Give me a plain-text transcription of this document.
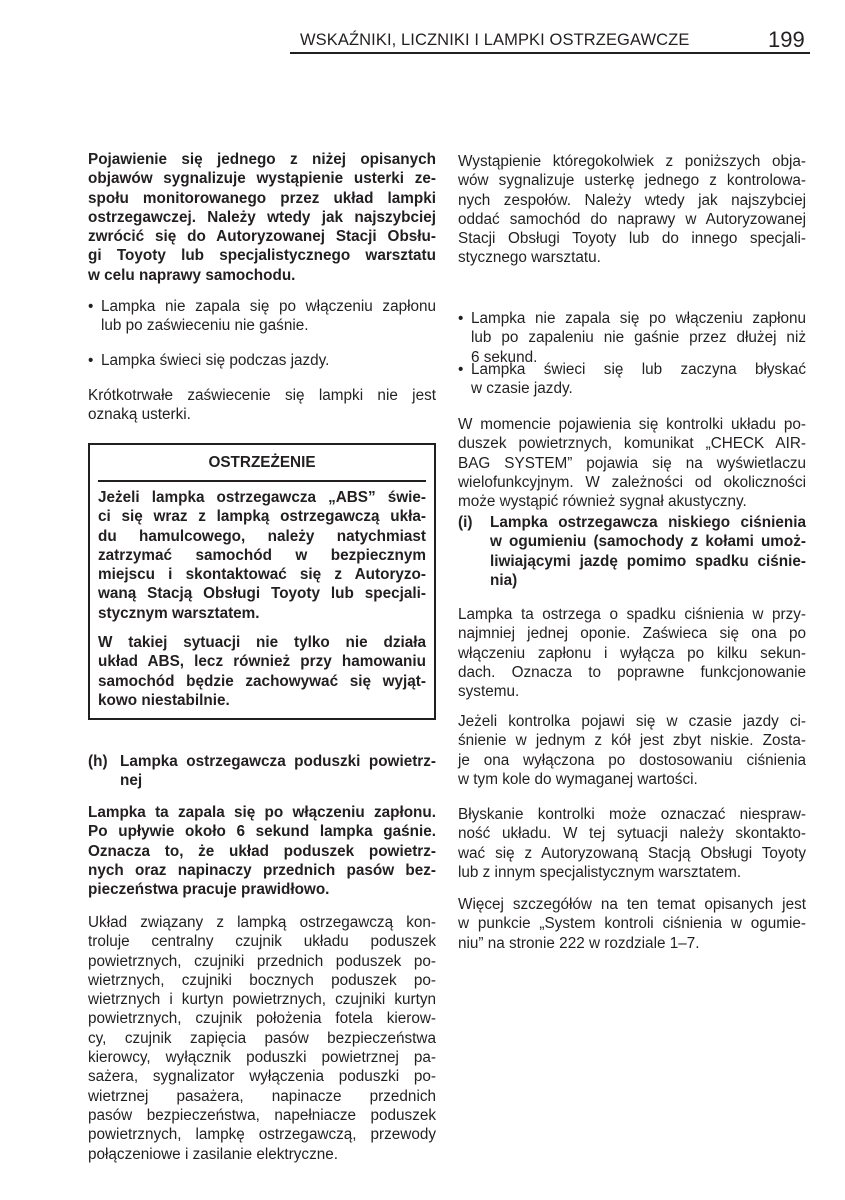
WSKAŹNIKI, LICZNIKI I LAMPKI OSTRZEGAWCZE	199
OSTRZEŻENIE
Pojawienie się jednego z niżej opisanych
objawów sygnalizuje wystąpienie usterki ze-
społu monitorowanego przez układ lampki
ostrzegawczej. Należy wtedy jak najszybciej
zwrócić się do Autoryzowanej Stacji Obsłu-
gi Toyoty lub specjalistycznego warsztatu
w celu naprawy samochodu.
• Lampka nie zapala się po włączeniu zapłonu
lub po zaświeceniu nie gaśnie.
• Lampka świeci się podczas jazdy.
Krótkotrwałe zaświecenie się lampki nie jest
oznaką usterki.
Jeżeli lampka ostrzegawcza „ABS” świe-
ci się wraz z lampką ostrzegawczą ukła-
du hamulcowego, należy natychmiast
zatrzymać samochód w bezpiecznym
miejscu i skontaktować się z Autoryzo-
waną Stacją Obsługi Toyoty lub specjali-
stycznym warsztatem.
W takiej sytuacji nie tylko nie działa
układ ABS, lecz również przy hamowaniu
samochód będzie zachowywać się wyjąt-
kowo niestabilnie.
(h) Lampka ostrzegawcza poduszki powietrz-
nej
Lampka ta zapala się po włączeniu zapłonu.
Po upływie około 6 sekund lampka gaśnie.
Oznacza to, że układ poduszek powietrz-
nych oraz napinaczy przednich pasów bez-
pieczeństwa pracuje prawidłowo.
Układ związany z lampką ostrzegawczą kon-
troluje centralny czujnik układu poduszek
powietrznych, czujniki przednich poduszek po-
wietrznych, czujniki bocznych poduszek po-
wietrznych i kurtyn powietrznych, czujniki kurtyn
powietrznych, czujnik położenia fotela kierow-
cy, czujnik zapięcia pasów bezpieczeństwa
kierowcy, wyłącznik poduszki powietrznej pa-
sażera, sygnalizator wyłączenia poduszki po-
wietrznej pasażera, napinacze przednich
pasów bezpieczeństwa, napełniacze poduszek
powietrznych, lampkę ostrzegawczą, przewody
połączeniowe i zasilanie elektryczne.
Wystąpienie któregokolwiek z poniższych obja-
wów sygnalizuje usterkę jednego z kontrolowa-
nych zespołów. Należy wtedy jak najszybciej
oddać samochód do naprawy w Autoryzowanej
Stacji Obsługi Toyoty lub do innego specjali-
stycznego warsztatu.
• Lampka nie zapala się po włączeniu zapłonu
lub po zapaleniu nie gaśnie przez dłużej niż
6 sekund.
• Lampka świeci się lub zaczyna błyskać
w czasie jazdy.
W momencie pojawienia się kontrolki układu po-
duszek powietrznych, komunikat „CHECK AIR-
BAG SYSTEM” pojawia się na wyświetlaczu
wielofunkcyjnym. W zależności od okoliczności
może wystąpić również sygnał akustyczny.
(i) Lampka ostrzegawcza niskiego ciśnienia
w ogumieniu (samochody z kołami umoż-
liwiającymi jazdę pomimo spadku ciśnie-
nia)
Lampka ta ostrzega o spadku ciśnienia w przy-
najmniej jednej oponie. Zaświeca się ona po
włączeniu zapłonu i wyłącza po kilku sekun-
dach. Oznacza to poprawne funkcjonowanie
systemu.
Jeżeli kontrolka pojawi się w czasie jazdy ci-
śnienie w jednym z kół jest zbyt niskie. Zosta-
je ona wyłączona po dostosowaniu ciśnienia
w tym kole do wymaganej wartości.
Błyskanie kontrolki może oznaczać niespraw-
ność układu. W tej sytuacji należy skontakto-
wać się z Autoryzowaną Stacją Obsługi Toyoty
lub z innym specjalistycznym warsztatem.
Więcej szczegółów na ten temat opisanych jest
w punkcie „System kontroli ciśnienia w ogumie-
niu” na stronie 222 w rozdziale 1–7.
